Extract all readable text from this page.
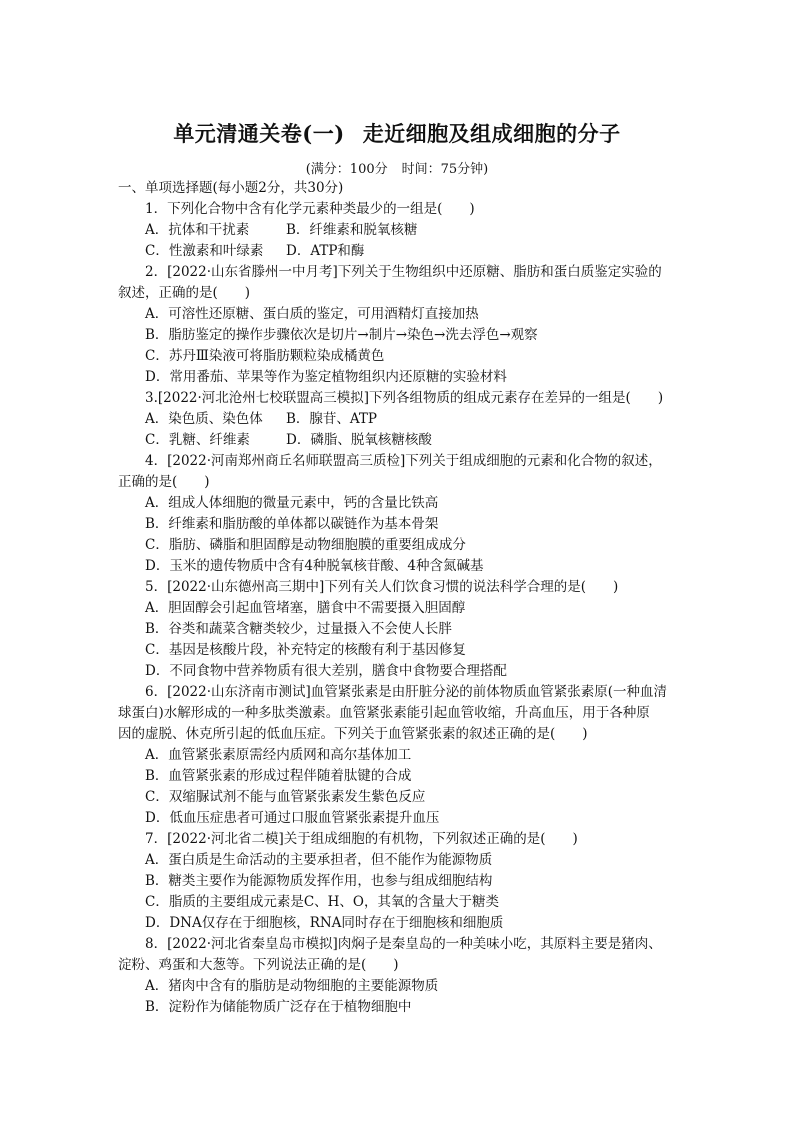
单元清通关卷(一) 走近细胞及组成细胞的分子
(满分：100分 时间：75分钟)
一、单项选择题(每小题2分，共30分)
1．下列化合物中含有化学元素种类最少的一组是(　　)
A．抗体和干扰素	B．纤维素和脱氧核糖
C．性激素和叶绿素 D．ATP和酶
2．[2022·山东省滕州一中月考]下列关于生物组织中还原糖、脂肪和蛋白质鉴定实验的
叙述，正确的是(　　)
A．可溶性还原糖、蛋白质的鉴定，可用酒精灯直接加热
B．脂肪鉴定的操作步骤依次是切片→制片→染色→洗去浮色→观察
C．苏丹Ⅲ染液可将脂肪颗粒染成橘黄色
D．常用番茄、苹果等作为鉴定植物组织内还原糖的实验材料
3.[2022·河北沧州七校联盟高三模拟]下列各组物质的组成元素存在差异的一组是(　　)
A．染色质、染色体 B．腺苷、ATP
C．乳糖、纤维素	D．磷脂、脱氧核糖核酸
4．[2022·河南郑州商丘名师联盟高三质检]下列关于组成细胞的元素和化合物的叙述，
正确的是(　　)
A．组成人体细胞的微量元素中，钙的含量比铁高
B．纤维素和脂肪酸的单体都以碳链作为基本骨架
C．脂肪、磷脂和胆固醇是动物细胞膜的重要组成成分
D．玉米的遗传物质中含有4种脱氧核苷酸、4种含氮碱基
5．[2022·山东德州高三期中]下列有关人们饮食习惯的说法科学合理的是(　　)
A．胆固醇会引起血管堵塞，膳食中不需要摄入胆固醇
B．谷类和蔬菜含糖类较少，过量摄入不会使人长胖
C．基因是核酸片段，补充特定的核酸有利于基因修复
D．不同食物中营养物质有很大差别，膳食中食物要合理搭配
6．[2022·山东济南市测试]血管紧张素是由肝脏分泌的前体物质血管紧张素原(一种血清
球蛋白)水解形成的一种多肽类激素。血管紧张素能引起血管收缩，升高血压，用于各种原
因的虚脱、休克所引起的低血压症。下列关于血管紧张素的叙述正确的是(　　)
A．血管紧张素原需经内质网和高尔基体加工
B．血管紧张素的形成过程伴随着肽键的合成
C．双缩脲试剂不能与血管紧张素发生紫色反应
D．低血压症患者可通过口服血管紧张素提升血压
7．[2022·河北省二模]关于组成细胞的有机物，下列叙述正确的是(　　)
A．蛋白质是生命活动的主要承担者，但不能作为能源物质
B．糖类主要作为能源物质发挥作用，也参与组成细胞结构
C．脂质的主要组成元素是C、H、O，其氧的含量大于糖类
D．DNA仅存在于细胞核，RNA同时存在于细胞核和细胞质
8．[2022·河北省秦皇岛市模拟]肉焖子是秦皇岛的一种美味小吃，其原料主要是猪肉、
淀粉、鸡蛋和大葱等。下列说法正确的是(　　)
A．猪肉中含有的脂肪是动物细胞的主要能源物质
B．淀粉作为储能物质广泛存在于植物细胞中
